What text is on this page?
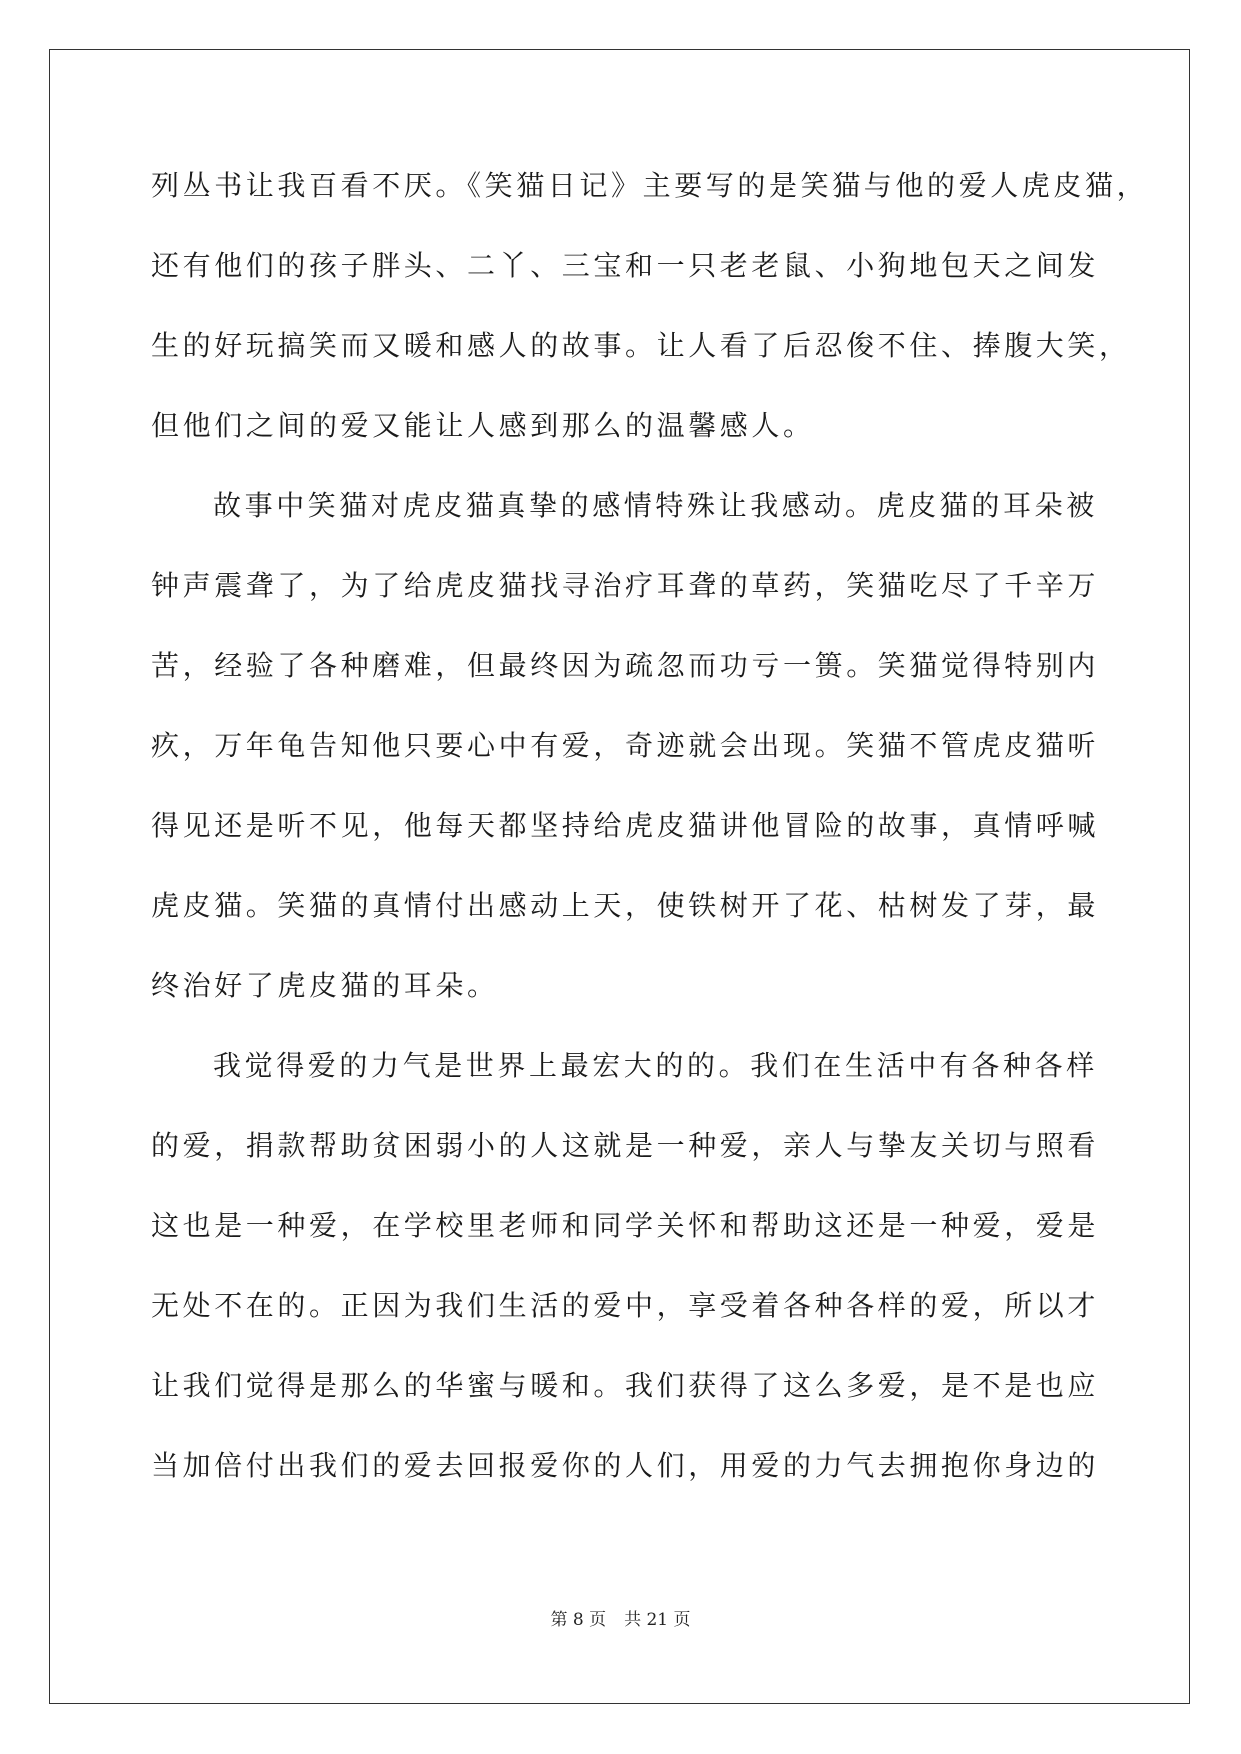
列丛书让我百看不厌。《笑猫日记》主要写的是笑猫与他的爱人虎皮猫，
还有他们的孩子胖头、二丫、三宝和一只老老鼠、小狗地包天之间发
生的好玩搞笑而又暖和感人的故事。让人看了后忍俊不住、捧腹大笑，
但他们之间的爱又能让人感到那么的温馨感人。
故事中笑猫对虎皮猫真挚的感情特殊让我感动。虎皮猫的耳朵被
钟声震聋了，为了给虎皮猫找寻治疗耳聋的草药，笑猫吃尽了千辛万
苦，经验了各种磨难，但最终因为疏忽而功亏一篑。笑猫觉得特别内
疚，万年龟告知他只要心中有爱，奇迹就会出现。笑猫不管虎皮猫听
得见还是听不见，他每天都坚持给虎皮猫讲他冒险的故事，真情呼喊
虎皮猫。笑猫的真情付出感动上天，使铁树开了花、枯树发了芽，最
终治好了虎皮猫的耳朵。
我觉得爱的力气是世界上最宏大的的。我们在生活中有各种各样
的爱，捐款帮助贫困弱小的人这就是一种爱，亲人与挚友关切与照看
这也是一种爱，在学校里老师和同学关怀和帮助这还是一种爱，爱是
无处不在的。正因为我们生活的爱中，享受着各种各样的爱，所以才
让我们觉得是那么的华蜜与暖和。我们获得了这么多爱，是不是也应
当加倍付出我们的爱去回报爱你的人们，用爱的力气去拥抱你身边的
第 8 页 共 21 页
